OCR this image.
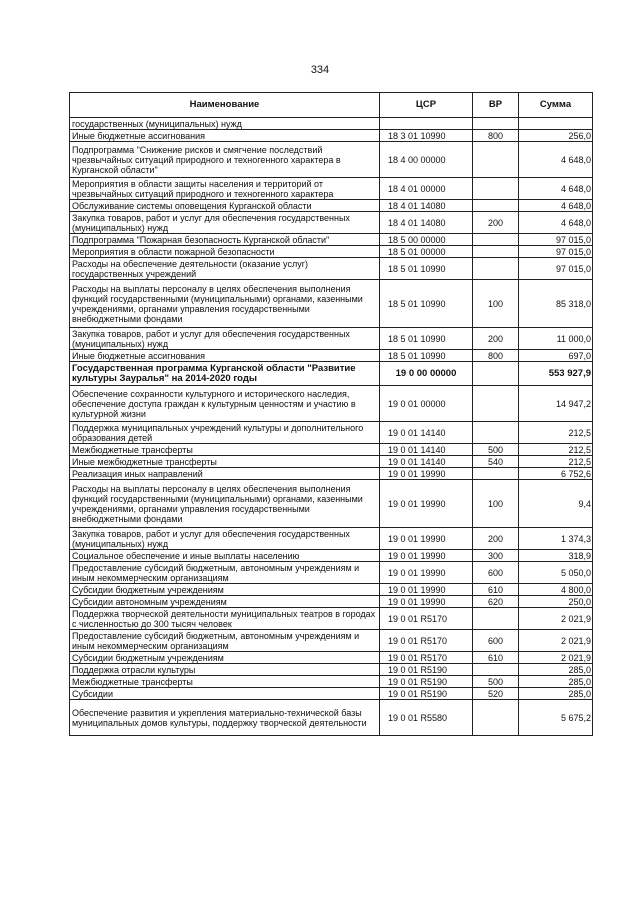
334
Наименование	ЦСР	ВР	Сумма
государственных (муниципальных) нужд			
Иные бюджетные ассигнования	18 3 01 10990	800	256,0
Подпрограмма "Снижение рисков и смягчение последствий чрезвычайных ситуаций природного и техногенного характера в Курганской области"	18 4 00 00000		4 648,0
Мероприятия в области защиты населения и территорий от чрезвычайных ситуаций природного и техногенного характера	18 4 01 00000		4 648,0
Обслуживание системы оповещения Курганской области	18 4 01 14080		4 648,0
Закупка товаров, работ и услуг для обеспечения государственных (муниципальных) нужд	18 4 01 14080	200	4 648,0
Подпрограмма "Пожарная безопасность Курганской области"	18 5 00 00000		97 015,0
Мероприятия в области пожарной безопасности	18 5 01 00000		97 015,0
Расходы на обеспечение деятельности (оказание услуг) государственных учреждений	18 5 01 10990		97 015,0
Расходы на выплаты персоналу в целях обеспечения выполнения функций государственными (муниципальными) органами, казенными учреждениями, органами управления государственными внебюджетными фондами	18 5 01 10990	100	85 318,0
Закупка товаров, работ и услуг для обеспечения государственных (муниципальных) нужд	18 5 01 10990	200	11 000,0
Иные бюджетные ассигнования	18 5 01 10990	800	697,0
Государственная программа Курганской области "Развитие культуры Зауралья" на 2014-2020 годы	19 0 00 00000		553 927,9
Обеспечение сохранности культурного и исторического наследия, обеспечение доступа граждан к культурным ценностям и участию в культурной жизни	19 0 01 00000		14 947,2
Поддержка муниципальных учреждений культуры и дополнительного образования детей	19 0 01 14140		212,5
Межбюджетные трансферты	19 0 01 14140	500	212,5
Иные межбюджетные трансферты	19 0 01 14140	540	212,5
Реализация иных направлений	19 0 01 19990		6 752,6
Расходы на выплаты персоналу в целях обеспечения выполнения функций государственными (муниципальными) органами, казенными учреждениями, органами управления государственными внебюджетными фондами	19 0 01 19990	100	9,4
Закупка товаров, работ и услуг для обеспечения государственных (муниципальных) нужд	19 0 01 19990	200	1 374,3
Социальное обеспечение и иные выплаты населению	19 0 01 19990	300	318,9
Предоставление субсидий бюджетным, автономным учреждениям и иным некоммерческим организациям	19 0 01 19990	600	5 050,0
Субсидии бюджетным учреждениям	19 0 01 19990	610	4 800,0
Субсидии автономным учреждениям	19 0 01 19990	620	250,0
Поддержка творческой деятельности муниципальных театров в городах с численностью до 300 тысяч человек	19 0 01 R5170		2 021,9
Предоставление субсидий бюджетным, автономным учреждениям и иным некоммерческим организациям	19 0 01 R5170	600	2 021,9
Субсидии бюджетным учреждениям	19 0 01 R5170	610	2 021,9
Поддержка отрасли культуры	19 0 01 R5190		285,0
Межбюджетные трансферты	19 0 01 R5190	500	285,0
Субсидии	19 0 01 R5190	520	285,0
Обеспечение развития и укрепления материально-технической базы муниципальных домов культуры, поддержку творческой деятельности	19 0 01 R5580		5 675,2
